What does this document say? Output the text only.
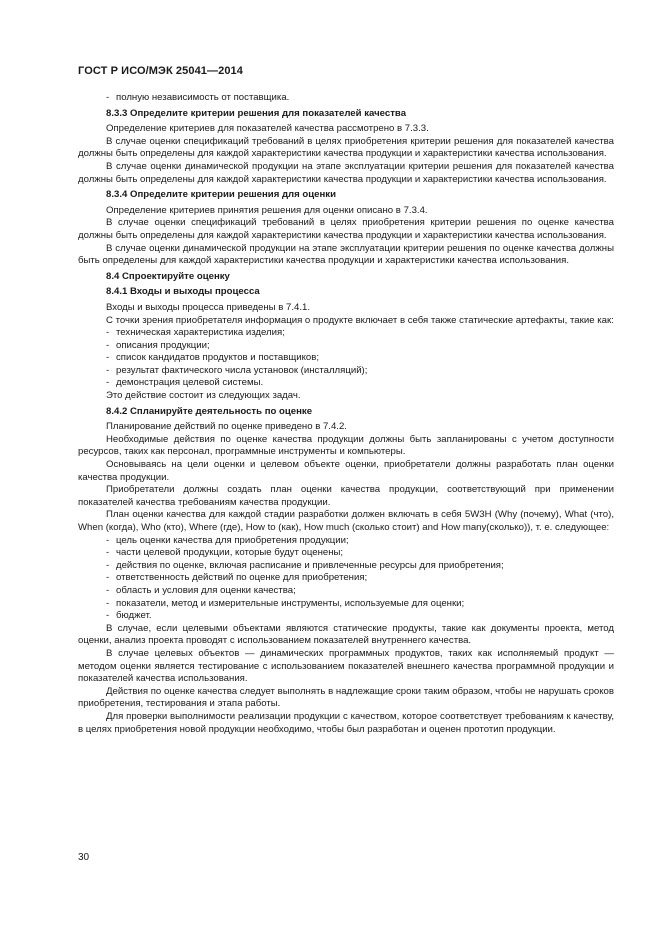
ГОСТ Р ИСО/МЭК 25041—2014

- полную независимость от поставщика.

8.3.3 Определите критерии решения для показателей качества

Определение критериев для показателей качества рассмотрено в 7.3.3.

В случае оценки спецификаций требований в целях приобретения критерии решения для показателей качества должны быть определены для каждой характеристики качества продукции и характеристики качества использования.

В случае оценки динамической продукции на этапе эксплуатации критерии решения для показателей качества должны быть определены для каждой характеристики качества продукции и характеристики качества использования.

8.3.4 Определите критерии решения для оценки

Определение критериев принятия решения для оценки описано в 7.3.4.

В случае оценки спецификаций требований в целях приобретения критерии решения по оценке качества должны быть определены для каждой характеристики качества продукции и характеристики качества использования.

В случае оценки динамической продукции на этапе эксплуатации критерии решения по оценке качества должны быть определены для каждой характеристики качества продукции и характеристики качества использования.

8.4 Спроектируйте оценку

8.4.1 Входы и выходы процесса

Входы и выходы процесса приведены в 7.4.1.

С точки зрения приобретателя информация о продукте включает в себя также статические артефакты, такие как:

- техническая характеристика изделия;

- описания продукции;

- список кандидатов продуктов и поставщиков;

- результат фактического числа установок (инсталляций);

- демонстрация целевой системы.

Это действие состоит из следующих задач.

8.4.2 Спланируйте деятельность по оценке

Планирование действий по оценке приведено в 7.4.2.

Необходимые действия по оценке качества продукции должны быть запланированы с учетом доступности ресурсов, таких как персонал, программные инструменты и компьютеры.

Основываясь на цели оценки и целевом объекте оценки, приобретатели должны разработать план оценки качества продукции.

Приобретатели должны создать план оценки качества продукции, соответствующий при применении показателей качества требованиям качества продукции.

План оценки качества для каждой стадии разработки должен включать в себя 5W3H (Why (почему), What (что), When (когда), Who (кто), Where (где), How to (как), How much (сколько стоит) and How many(сколько)), т. е. следующее:

- цель оценки качества для приобретения продукции;

- части целевой продукции, которые будут оценены;

- действия по оценке, включая расписание и привлеченные ресурсы для приобретения;

- ответственность действий по оценке для приобретения;

- область и условия для оценки качества;

- показатели, метод и измерительные инструменты, используемые для оценки;

- бюджет.

В случае, если целевыми объектами являются статические продукты, такие как документы проекта, метод оценки, анализ проекта проводят с использованием показателей внутреннего качества.

В случае целевых объектов — динамических программных продуктов, таких как исполняемый продукт — методом оценки является тестирование с использованием показателей внешнего качества программной продукции и показателей качества использования.

Действия по оценке качества следует выполнять в надлежащие сроки таким образом, чтобы не нарушать сроков приобретения, тестирования и этапа работы.

Для проверки выполнимости реализации продукции с качеством, которое соответствует требованиям к качеству, в целях приобретения новой продукции необходимо, чтобы был разработан и оценен прототип продукции.

30
